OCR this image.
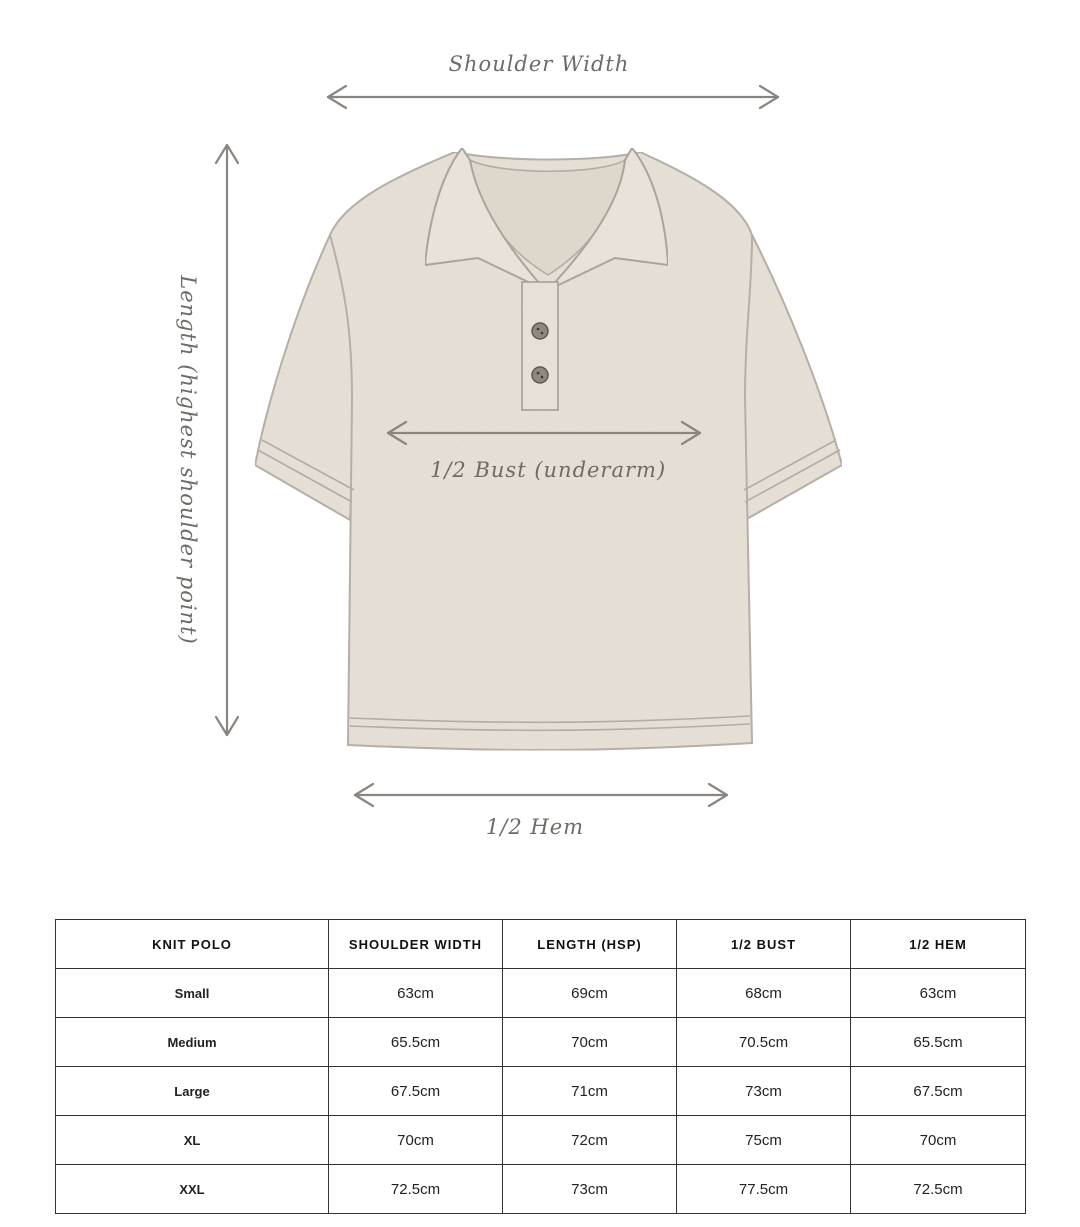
Shoulder Width
Length (highest shoulder point)	1/2 Bust (underarm)
1/2 Hem
KNIT POLO	SHOULDER WIDTH	LENGTH (HSP)	1/2 BUST	1/2 HEM
Small	63cm	69cm	68cm	63cm
Medium	65.5cm	70cm	70.5cm	65.5cm
Large	67.5cm	71cm	73cm	67.5cm
XL	70cm	72cm	75cm	70cm
XXL	72.5cm	73cm	77.5cm	72.5cm
